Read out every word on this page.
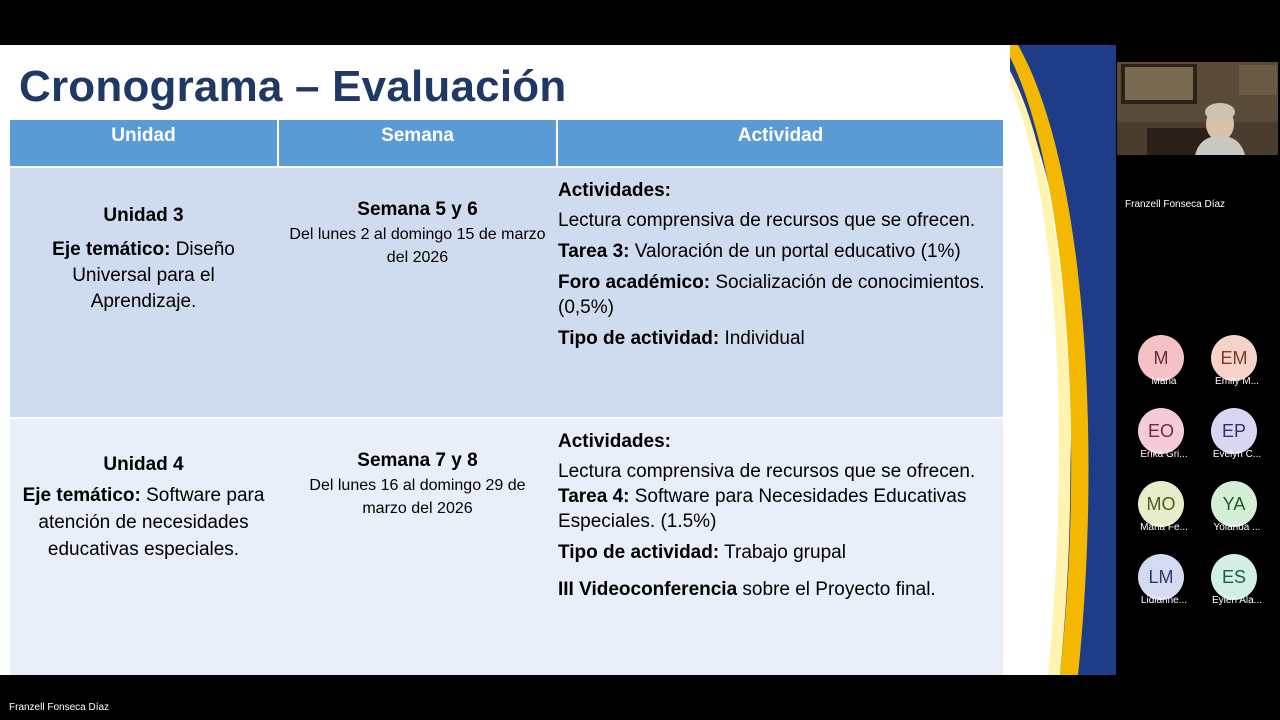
Cronograma – Evaluación
Unidad	Semana	Actividad
Unidad 3
Eje temático: Diseño Universal para el Aprendizaje.
Semana 5 y 6
Del lunes 2 al domingo 15 de marzo del 2026
Actividades:
Lectura comprensiva de recursos que se ofrecen.
Tarea 3: Valoración de un portal educativo (1%)
Foro académico: Socialización de conocimientos. (0,5%)
Tipo de actividad: Individual
Unidad 4
Eje temático: Software para atención de necesidades educativas especiales.
Semana 7 y 8
Del lunes 16 al domingo 29 de marzo del 2026
Actividades:
Lectura comprensiva de recursos que se ofrecen.
Tarea 4: Software para Necesidades Educativas Especiales. (1.5%)
Tipo de actividad: Trabajo grupal
III Videoconferencia sobre el Proyecto final.
Franzell Fonseca Díaz
M
Maria
EM
Emily M...
EO
Erika Gri...
EP
Evelyn C...
MO
Maria Fe...
YA
Yolanda ...
LM
Lidianne...
ES
Eylen Ala...
Franzell Fonseca Díaz
